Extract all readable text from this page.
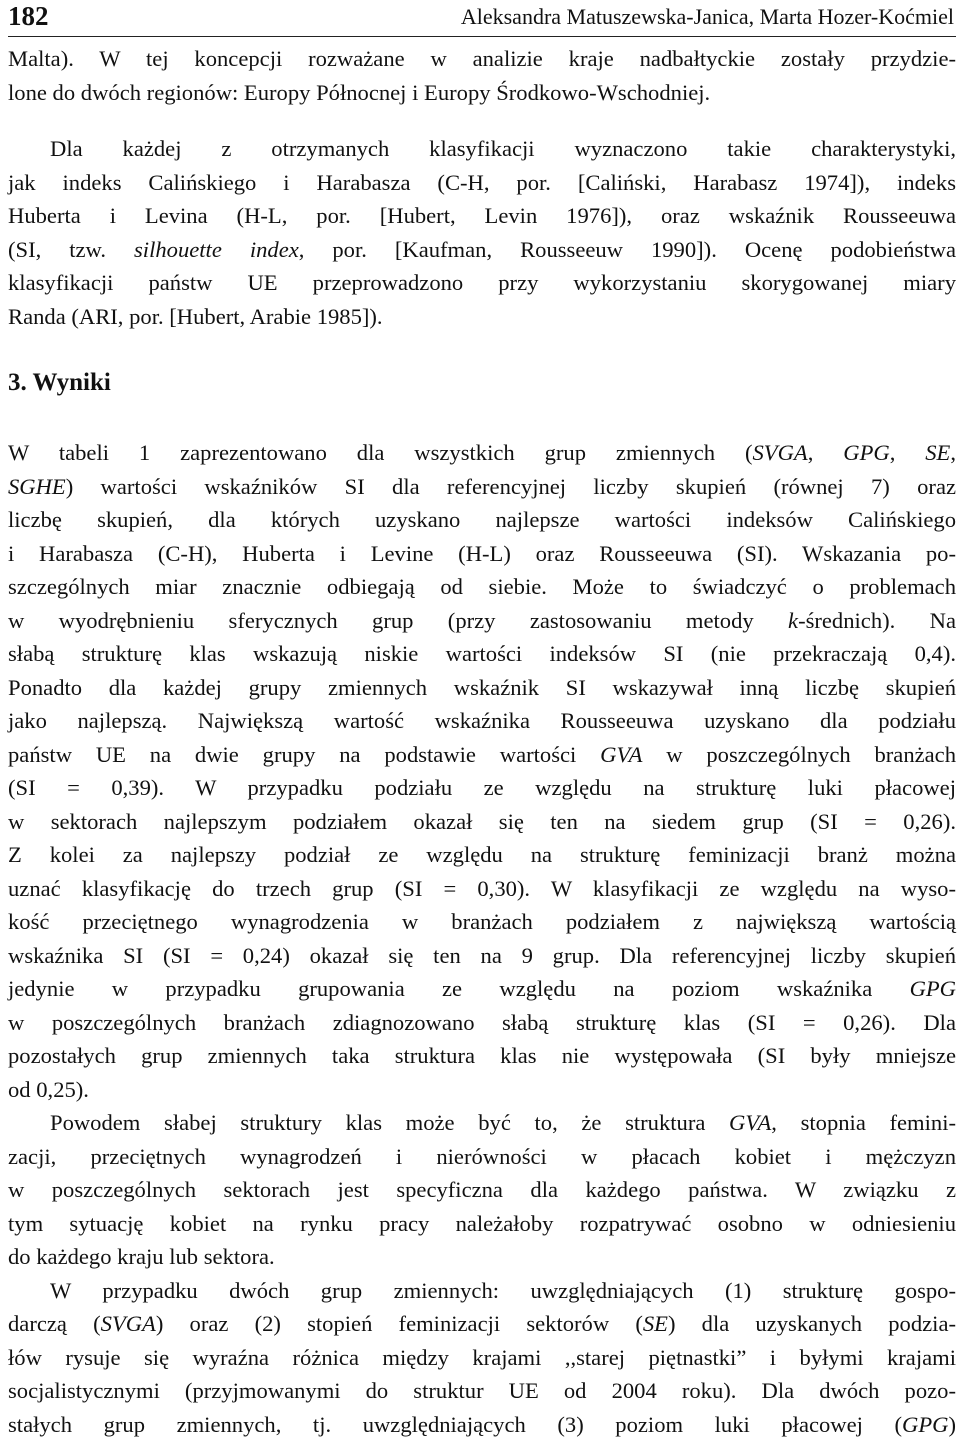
182	Aleksandra Matuszewska-Janica, Marta Hozer-Koćmiel
Malta). W tej koncepcji rozważane w analizie kraje nadbałtyckie zostały przydzie-
lone do dwóch regionów: Europy Północnej i Europy Środkowo-Wschodniej.
Dla każdej z otrzymanych klasyfikacji wyznaczono takie charakterystyki,
jak indeks Calińskiego i Harabasza (C-H, por. [Caliński, Harabasz 1974]), indeks
Huberta i Levina (H-L, por. [Hubert, Levin 1976]), oraz wskaźnik Rousseeuwa
(SI, tzw. silhouette index, por. [Kaufman, Rousseeuw 1990]). Ocenę podobieństwa
klasyfikacji państw UE przeprowadzono przy wykorzystaniu skorygowanej miary
Randa (ARI, por. [Hubert, Arabie 1985]).
3. Wyniki
W tabeli 1 zaprezentowano dla wszystkich grup zmiennych (SVGA, GPG, SE,
SGHE) wartości wskaźników SI dla referencyjnej liczby skupień (równej 7) oraz
liczbę skupień, dla których uzyskano najlepsze wartości indeksów Calińskiego
i Harabasza (C-H), Huberta i Levine (H-L) oraz Rousseeuwa (SI). Wskazania po-
szczególnych miar znacznie odbiegają od siebie. Może to świadczyć o problemach
w wyodrębnieniu sferycznych grup (przy zastosowaniu metody k-średnich). Na
słabą strukturę klas wskazują niskie wartości indeksów SI (nie przekraczają 0,4).
Ponadto dla każdej grupy zmiennych wskaźnik SI wskazywał inną liczbę skupień
jako najlepszą. Największą wartość wskaźnika Rousseeuwa uzyskano dla podziału
państw UE na dwie grupy na podstawie wartości GVA w poszczególnych branżach
(SI = 0,39). W przypadku podziału ze względu na strukturę luki płacowej
w sektorach najlepszym podziałem okazał się ten na siedem grup (SI = 0,26).
Z kolei za najlepszy podział ze względu na strukturę feminizacji branż można
uznać klasyfikację do trzech grup (SI = 0,30). W klasyfikacji ze względu na wyso-
kość przeciętnego wynagrodzenia w branżach podziałem z największą wartością
wskaźnika SI (SI = 0,24) okazał się ten na 9 grup. Dla referencyjnej liczby skupień
jedynie w przypadku grupowania ze względu na poziom wskaźnika GPG
w poszczególnych branżach zdiagnozowano słabą strukturę klas (SI = 0,26). Dla
pozostałych grup zmiennych taka struktura klas nie występowała (SI były mniejsze
od 0,25).
Powodem słabej struktury klas może być to, że struktura GVA, stopnia femini-
zacji, przeciętnych wynagrodzeń i nierówności w płacach kobiet i mężczyzn
w poszczególnych sektorach jest specyficzna dla każdego państwa. W związku z
tym sytuację kobiet na rynku pracy należałoby rozpatrywać osobno w odniesieniu
do każdego kraju lub sektora.
W przypadku dwóch grup zmiennych: uwzględniających (1) strukturę gospo-
darczą (SVGA) oraz (2) stopień feminizacji sektorów (SE) dla uzyskanych podzia-
łów rysuje się wyraźna różnica między krajami ,,starej piętnastki” i byłymi krajami
socjalistycznymi (przyjmowanymi do struktur UE od 2004 roku). Dla dwóch pozo-
stałych grup zmiennych, tj. uwzględniających (3) poziom luki płacowej (GPG)
